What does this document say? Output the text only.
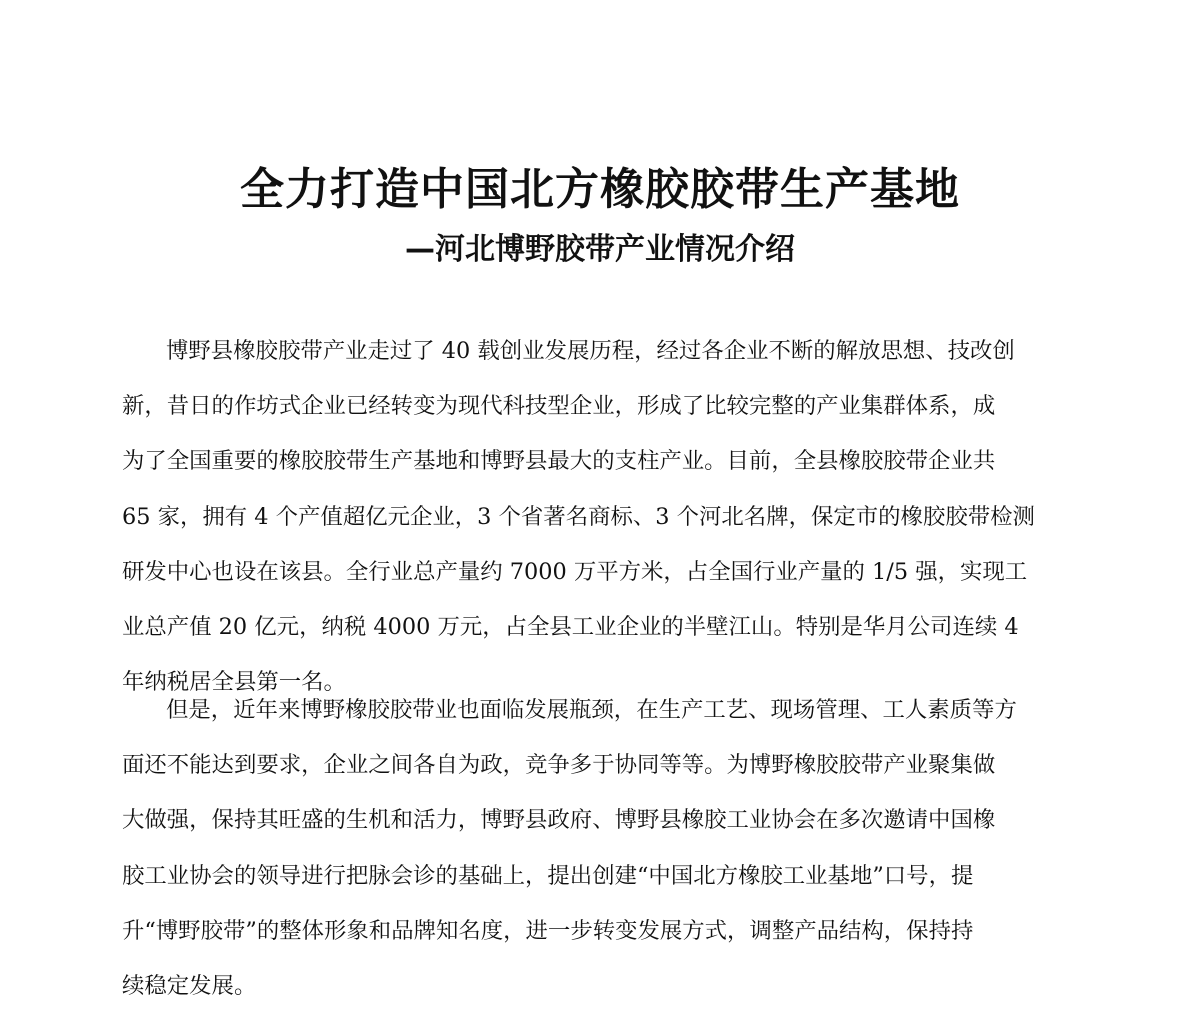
全力打造中国北方橡胶胶带生产基地
—河北博野胶带产业情况介绍
博野县橡胶胶带产业走过了 40 载创业发展历程，经过各企业不断的解放思想、技改创
新，昔日的作坊式企业已经转变为现代科技型企业，形成了比较完整的产业集群体系，成
为了全国重要的橡胶胶带生产基地和博野县最大的支柱产业。目前，全县橡胶胶带企业共
65 家，拥有 4 个产值超亿元企业，3 个省著名商标、3 个河北名牌，保定市的橡胶胶带检测
研发中心也设在该县。全行业总产量约 7000 万平方米，占全国行业产量的 1/5 强，实现工
业总产值 20 亿元，纳税 4000 万元，占全县工业企业的半壁江山。特别是华月公司连续 4
年纳税居全县第一名。
但是，近年来博野橡胶胶带业也面临发展瓶颈，在生产工艺、现场管理、工人素质等方
面还不能达到要求，企业之间各自为政，竞争多于协同等等。为博野橡胶胶带产业聚集做
大做强，保持其旺盛的生机和活力，博野县政府、博野县橡胶工业协会在多次邀请中国橡
胶工业协会的领导进行把脉会诊的基础上，提出创建“中国北方橡胶工业基地”口号，提
升“博野胶带”的整体形象和品牌知名度，进一步转变发展方式，调整产品结构，保持持
续稳定发展。
